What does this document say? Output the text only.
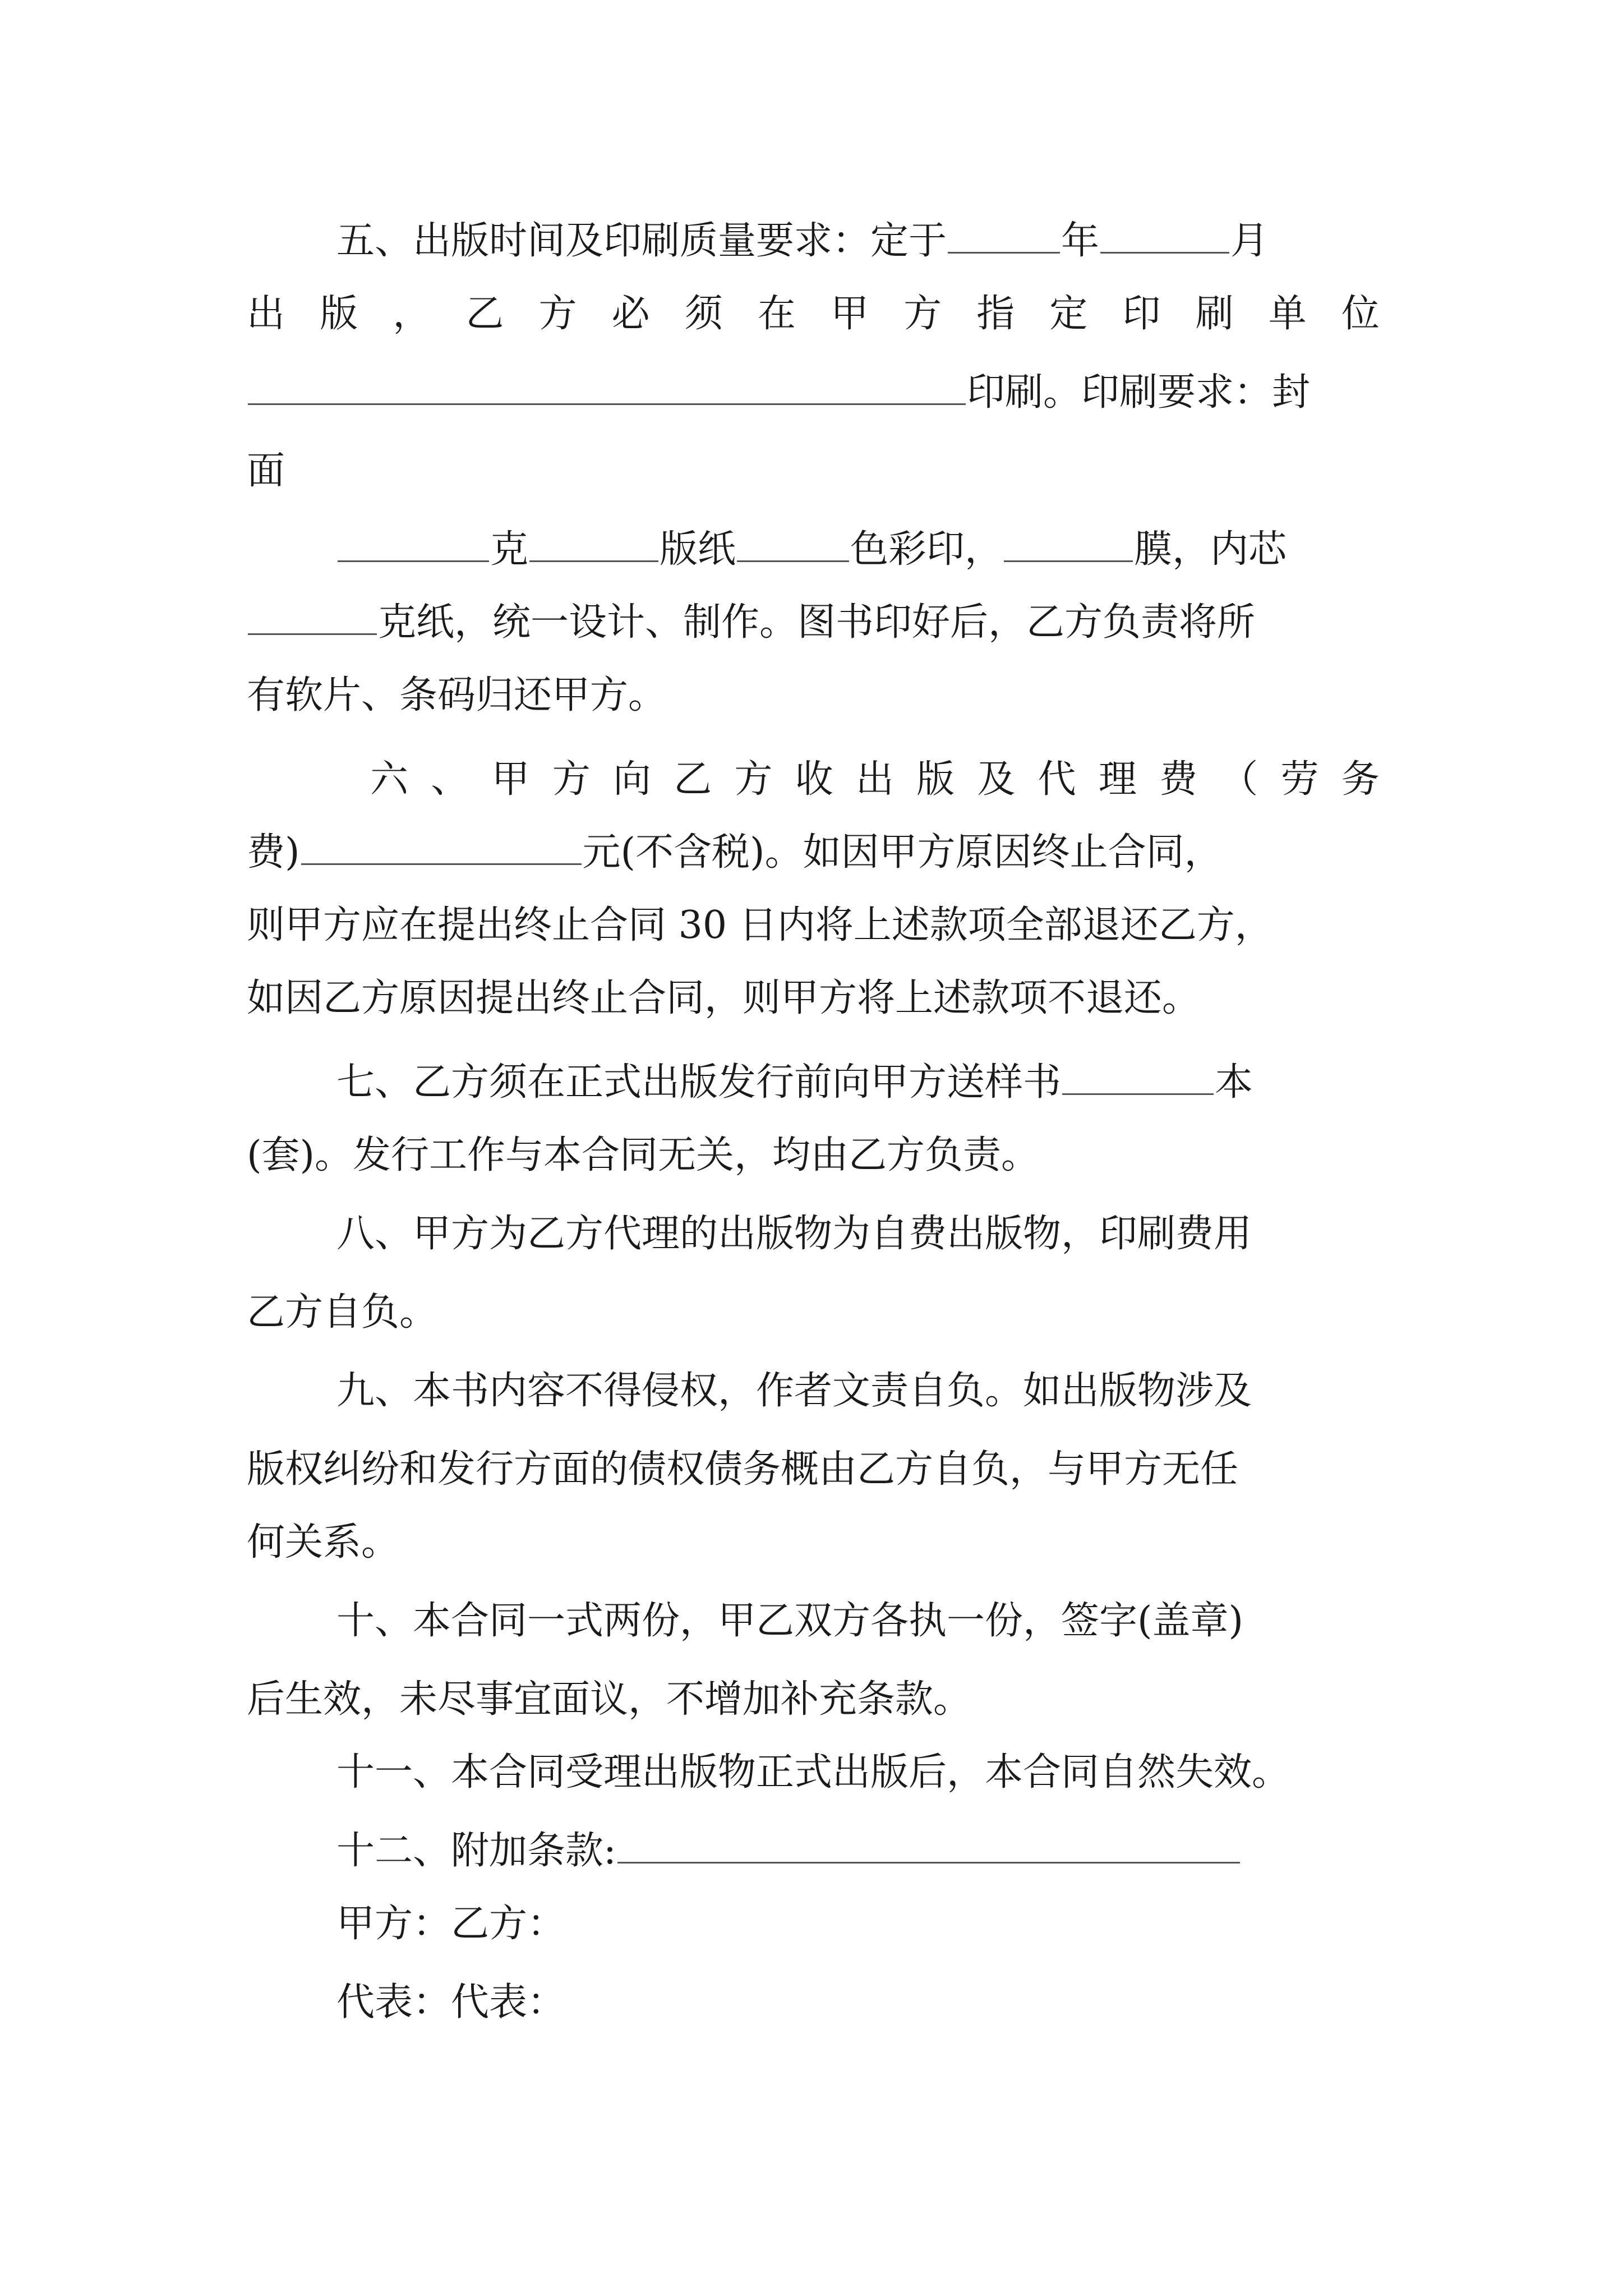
五、出版时间及印刷质量要求：定于	年	月
出 版 ， 乙 方 必 须 在 甲 方 指 定 印 刷 单 位
印刷。印刷要求：封
面
克	版纸	色彩印，	膜，内芯
克纸，统一设计、制作。图书印好后，乙方负责将所
有软片、条码归还甲方。
六 、 甲 方 向 乙 方 收 出 版 及 代 理 费 （ 劳 务
费)	元(不含税)。如因甲方原因终止合同，
则甲方应在提出终止合同 30 日内将上述款项全部退还乙方，
如因乙方原因提出终止合同，则甲方将上述款项不退还。
七、乙方须在正式出版发行前向甲方送样书	本
(套)。发行工作与本合同无关，均由乙方负责。
八、甲方为乙方代理的出版物为自费出版物，印刷费用
乙方自负。
九、本书内容不得侵权，作者文责自负。如出版物涉及
版权纠纷和发行方面的债权债务概由乙方自负，与甲方无任
何关系。
十、本合同一式两份，甲乙双方各执一份，签字(盖章)
后生效，未尽事宜面议，不增加补充条款。
十一、本合同受理出版物正式出版后，本合同自然失效。
十二、附加条款:
甲方：乙方：
代表：代表：
